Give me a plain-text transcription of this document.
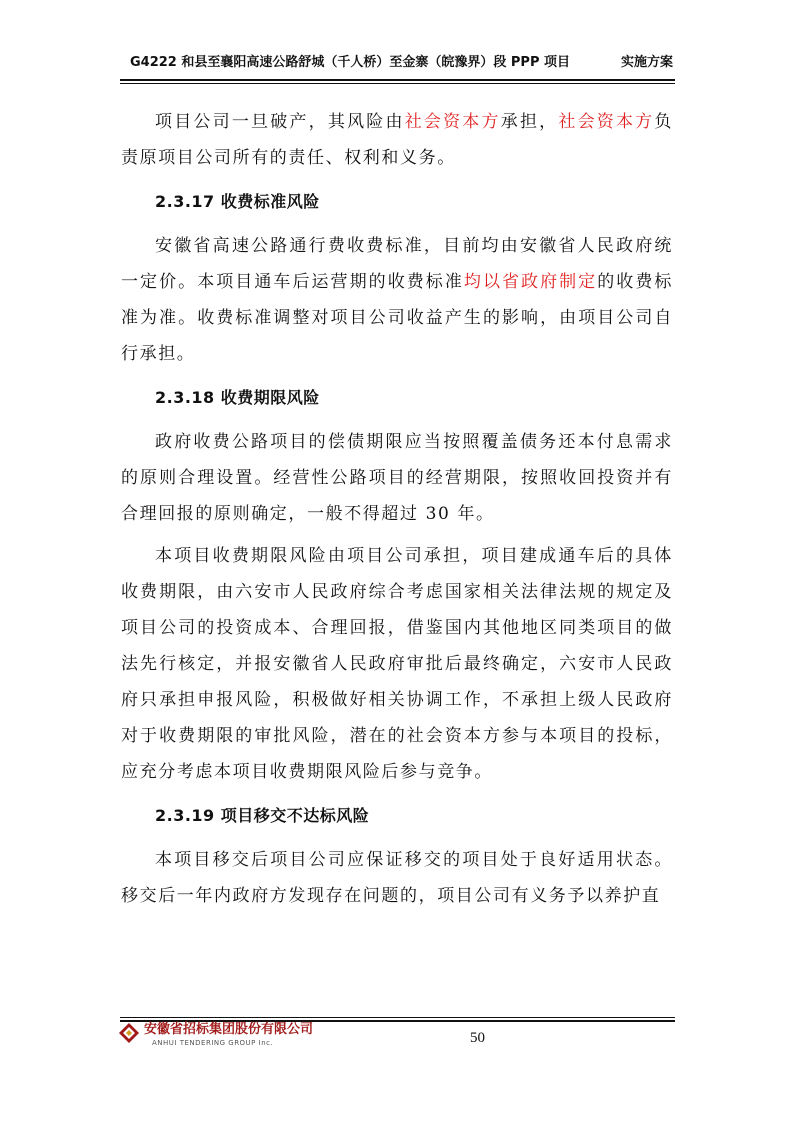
G4222 和县至襄阳高速公路舒城（千人桥）至金寨（皖豫界）段 PPP 项目	实施方案

项目公司一旦破产，其风险由社会资本方承担，社会资本方负责原项目公司所有的责任、权利和义务。

2.3.17 收费标准风险

安徽省高速公路通行费收费标准，目前均由安徽省人民政府统一定价。本项目通车后运营期的收费标准均以省政府制定的收费标准为准。收费标准调整对项目公司收益产生的影响，由项目公司自行承担。

2.3.18 收费期限风险

政府收费公路项目的偿债期限应当按照覆盖债务还本付息需求的原则合理设置。经营性公路项目的经营期限，按照收回投资并有合理回报的原则确定，一般不得超过 30 年。

本项目收费期限风险由项目公司承担，项目建成通车后的具体收费期限，由六安市人民政府综合考虑国家相关法律法规的规定及项目公司的投资成本、合理回报，借鉴国内其他地区同类项目的做法先行核定，并报安徽省人民政府审批后最终确定，六安市人民政府只承担申报风险，积极做好相关协调工作，不承担上级人民政府对于收费期限的审批风险，潜在的社会资本方参与本项目的投标，应充分考虑本项目收费期限风险后参与竞争。

2.3.19 项目移交不达标风险

本项目移交后项目公司应保证移交的项目处于良好适用状态。移交后一年内政府方发现存在问题的，项目公司有义务予以养护直

安徽省招标集团股份有限公司
ANHUI TENDERING GROUP Inc.	50
